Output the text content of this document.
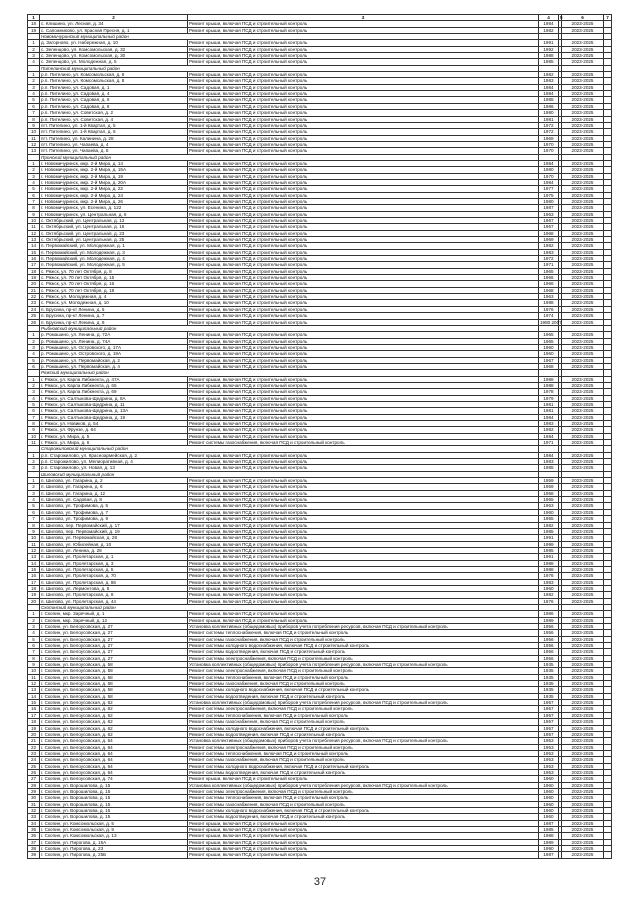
1	2	3	4	5	6	7
18	с. Клишино, ул. Лесная, д. 34	Ремонт крыши, включая ПСД и строительный контроль	1984		2023-2025	
19	с. Сапожниково, ул. Красная Пресня, д. 1	Ремонт крыши, включая ПСД и строительный контроль	1982		2023-2025	
	Новомичуринский муниципальный район					
1	д. Загорново, ул. Набережная, д. 10	Ремонт крыши, включая ПСД и строительный контроль	1991		2023-2025	
2	с. Зеленцово, ул. Комсомольская, д. 32	Ремонт крыши, включая ПСД и строительный контроль	1992		2023-2025	
3	с. Зеленцово, ул. Комсомольская, д. 30	Ремонт крыши, включая ПСД и строительный контроль	1988		2023-2025	
4	с. Зеленцово, ул. Молодежная, д. 5	Ремонт крыши, включая ПСД и строительный контроль	1985		2023-2025	
	Пителинский муниципальный район					
1	р.п. Пителино, ул. Комсомольская, д. 6	Ремонт крыши, включая ПСД и строительный контроль	1982		2023-2025	
2	р.п. Пителино, ул. Комсомольская, д. 8	Ремонт крыши, включая ПСД и строительный контроль	1983		2023-2025	
3	р.п. Пителино, ул. Садовая, д. 1	Ремонт крыши, включая ПСД и строительный контроль	1984		2023-2025	
4	р.п. Пителино, ул. Садовая, д. 4	Ремонт крыши, включая ПСД и строительный контроль	1984		2023-2025	
5	р.п. Пителино, ул. Садовая, д. 6	Ремонт крыши, включая ПСД и строительный контроль	1985		2023-2025	
6	р.п. Пителино, ул. Садовая, д. 8	Ремонт крыши, включая ПСД и строительный контроль	1986		2023-2025	
7	р.п. Пителино, ул. Советская, д. 2	Ремонт крыши, включая ПСД и строительный контроль	1980		2023-2025	
8	р.п. Пителино, ул. Советская, д. 4	Ремонт крыши, включая ПСД и строительный контроль	1981		2023-2025	
9	пгт. Пителино, ул. 1-й Квартал, д. 5	Ремонт крыши, включая ПСД и строительный контроль	1972		2023-2025	
10	пгт. Пителино, ул. 1-й Квартал, д. 6	Ремонт крыши, включая ПСД и строительный контроль	1972		2023-2025	
11	пгт. Пителино, ул. Калинина, д. 28	Ремонт крыши, включая ПСД и строительный контроль	1969		2023-2025	
12	пгт. Пителино, ул. Чапаева, д. 4	Ремонт крыши, включая ПСД и строительный контроль	1970		2023-2025	
13	пгт. Пителино, ул. Чапаева, д. 6	Ремонт крыши, включая ПСД и строительный контроль	1970		2023-2025	
	Пронский муниципальный район					
1	г. Новомичуринск, мкр. 2-й Мира, д. 14	Ремонт крыши, включая ПСД и строительный контроль	1984		2023-2025	
2	г. Новомичуринск, мкр. 2-й Мира, д. 15А	Ремонт крыши, включая ПСД и строительный контроль	1980		2023-2025	
3	г. Новомичуринск, мкр. 2-й Мира, д. 19	Ремонт крыши, включая ПСД и строительный контроль	1970		2023-2025	
4	г. Новомичуринск, мкр. 2-й Мира, д. 20А	Ремонт крыши, включая ПСД и строительный контроль	1984		2023-2025	
5	г. Новомичуринск, мкр. 2-й Мира, д. 22	Ремонт крыши, включая ПСД и строительный контроль	1977		2023-2025	
6	г. Новомичуринск, мкр. 2-й Мира, д. 24	Ремонт крыши, включая ПСД и строительный контроль	1975		2023-2025	
7	г. Новомичуринск, мкр. 2-й Мира, д. 26	Ремонт крыши, включая ПСД и строительный контроль	1980		2023-2025	
8	г. Новомичуринск, ул. Есенина, д. 122	Ремонт крыши, включая ПСД и строительный контроль	1987		2023-2025	
9	г. Новомичуринск, ул. Центральная, д. 6	Ремонт крыши, включая ПСД и строительный контроль	1963		2023-2025	
10	с. Октябрьский, ул. Центральная, д. 13	Ремонт крыши, включая ПСД и строительный контроль	1967		2023-2025	
11	с. Октябрьский, ул. Центральная, д. 15	Ремонт крыши, включая ПСД и строительный контроль	1967		2023-2025	
12	с. Октябрьский, ул. Центральная, д. 23	Ремонт крыши, включая ПСД и строительный контроль	1968		2023-2025	
13	с. Октябрьский, ул. Центральная, д. 25	Ремонт крыши, включая ПСД и строительный контроль	1969		2023-2025	
14	п. Первомайский, ул. Молодежная, д. 1	Ремонт крыши, включая ПСД и строительный контроль	1982		2023-2025	
15	п. Первомайский, ул. Молодежная, д. 3	Ремонт крыши, включая ПСД и строительный контроль	1983		2023-2025	
16	п. Первомайский, ул. Молодежная, д. 4	Ремонт крыши, включая ПСД и строительный контроль	1972		2023-2025	
17	п. Первомайский, ул. Молодежная, д. 5	Ремонт крыши, включая ПСД и строительный контроль	1971		2023-2025	
18	с. Ряжск, ул. 70 лет Октября, д. 8	Ремонт крыши, включая ПСД и строительный контроль	1965		2023-2025	
19	с. Ряжск, ул. 70 лет Октября, д. 15	Ремонт крыши, включая ПСД и строительный контроль	1966		2023-2025	
20	с. Ряжск, ул. 70 лет Октября, д. 16	Ремонт крыши, включая ПСД и строительный контроль	1966		2023-2025	
21	с. Ряжск, ул. 70 лет Октября, д. 18	Ремонт крыши, включая ПСД и строительный контроль	1968		2023-2025	
22	с. Ряжск, ул. Молодежная, д. 4	Ремонт крыши, включая ПСД и строительный контроль	1963		2023-2025	
23	с. Ряжск, ул. Молодежная, д. 10	Ремонт крыши, включая ПСД и строительный контроль	1988		2023-2025	
24	п. Брусина, пр-кт Ленина, д. 5	Ремонт крыши, включая ПСД и строительный контроль	1976		2023-2025	
25	п. Брусина, пр-кт Ленина, д. 7	Ремонт крыши, включая ПСД и строительный контроль	1974		2023-2025	
26	п. Брусина, пр-кт Ленина, д. 9	Ремонт крыши, включая ПСД и строительный контроль	1980 2007		2023-2025	
	Рыбновский муниципальный район					
1	р. Ромашино, ул. Ленина, д. 72А	Ремонт крыши, включая ПСД и строительный контроль	1965		2023-2025	
2	р. Ромашино, ул. Ленина, д. 74А	Ремонт крыши, включая ПСД и строительный контроль	1965		2023-2025	
3	р. Ромашино, ул. Островского, д. 17А	Ремонт крыши, включая ПСД и строительный контроль	1960		2023-2025	
4	р. Ромашино, ул. Островского, д. 19А	Ремонт крыши, включая ПСД и строительный контроль	1960		2023-2025	
5	р. Ромашино, ул. Первомайская, д. 2	Ремонт крыши, включая ПСД и строительный контроль	1967		2023-2025	
6	р. Ромашино, ул. Первомайская, д. 4	Ремонт крыши, включая ПСД и строительный контроль	1968		2023-2025	
	Ряжский муниципальный район					
1	г. Ряжск, ул. Карла Либкнехта, д. 47А	Ремонт крыши, включая ПСД и строительный контроль	1988		2023-2025	
2	г. Ряжск, ул. Карла Либкнехта, д. 65	Ремонт крыши, включая ПСД и строительный контроль	1988		2023-2025	
3	г. Ряжск, ул. Карла Либкнехта, д. 69	Ремонт крыши, включая ПСД и строительный контроль	1978		2023-2025	
4	г. Ряжск, ул. Салтыкова-Щедрина, д. 8А	Ремонт крыши, включая ПСД и строительный контроль	1979		2023-2025	
5	г. Ряжск, ул. Салтыкова-Щедрина, д. 11	Ремонт крыши, включая ПСД и строительный контроль	1981		2023-2025	
6	г. Ряжск, ул. Салтыкова-Щедрина, д. 13А	Ремонт крыши, включая ПСД и строительный контроль	1981		2023-2025	
7	г. Ряжск, ул. Салтыкова-Щедрина, д. 19	Ремонт крыши, включая ПСД и строительный контроль	1984		2023-2025	
8	г. Ряжск, ул. Новиков, д. 54	Ремонт крыши, включая ПСД и строительный контроль	1983		2023-2025	
9	г. Ряжск, ул. Фрунзе, д. 64	Ремонт крыши, включая ПСД и строительный контроль	1982		2023-2025	
10	г. Ряжск, ул. Мира, д. 5	Ремонт крыши, включая ПСД и строительный контроль	1984		2023-2025	
11	г. Ряжск, ул. Мира, д. 6	Ремонт системы газоснабжения, включая ПСД и строительный контроль	1971		2023-2025	
	Старожиловский муниципальный район					
1	р.п. Старожилово, ул. Красноармейская, д. 2	Ремонт крыши, включая ПСД и строительный контроль	1984		2023-2025	
2	р.п. Старожилово, ул. Мелиоративная, д. 4	Ремонт крыши, включая ПСД и строительный контроль	1983		2023-2025	
3	р.п. Старожилово, ул. Новая, д. 13	Ремонт крыши, включая ПСД и строительный контроль	1985		2023-2025	
	Шиловский муниципальный район					
1	п. Шилово, ул. Гагарина, д. 2	Ремонт крыши, включая ПСД и строительный контроль	1959		2023-2025	
2	п. Шилово, ул. Гагарина, д. 6	Ремонт крыши, включая ПСД и строительный контроль	1959		2023-2025	
3	п. Шилово, ул. Гагарина, д. 12	Ремонт крыши, включая ПСД и строительный контроль	1958		2023-2025	
4	п. Шилово, ул. Садовая, д. 8	Ремонт крыши, включая ПСД и строительный контроль	1965		2023-2025	
5	п. Шилово, ул. Трофимова, д. 5	Ремонт крыши, включая ПСД и строительный контроль	1963		2023-2025	
6	п. Шилово, ул. Трофимова, д. 7	Ремонт крыши, включая ПСД и строительный контроль	1960		2023-2025	
7	п. Шилово, ул. Трофимова, д. 9	Ремонт крыши, включая ПСД и строительный контроль	1955		2023-2025	
8	п. Шилово, пер. Первомайский, д. 17	Ремонт крыши, включая ПСД и строительный контроль	1982		2023-2025	
9	п. Шилово, пер. Первомайский, д. 19	Ремонт крыши, включая ПСД и строительный контроль	1985		2023-2025	
10	п. Шилово, ул. Первомайская, д. 28	Ремонт крыши, включая ПСД и строительный контроль	1991		2023-2025	
11	п. Шилово, ул. Юбилейная, д. 10	Ремонт крыши, включая ПСД и строительный контроль	1999		2023-2025	
12	п. Шилово, ул. Ленина, д. 28	Ремонт крыши, включая ПСД и строительный контроль	1995		2023-2025	
13	п. Шилово, ул. Пролетарская, д. 1	Ремонт крыши, включая ПСД и строительный контроль	1991		2023-2025	
14	п. Шилово, ул. Пролетарская, д. 3	Ремонт крыши, включая ПСД и строительный контроль	1988		2023-2025	
15	п. Шилово, ул. Пролетарская, д. 5	Ремонт крыши, включая ПСД и строительный контроль	1988		2023-2025	
16	п. Шилово, ул. Пролетарская, д. 70	Ремонт крыши, включая ПСД и строительный контроль	1976		2023-2025	
17	п. Шилово, ул. Пролетарская, д. 86	Ремонт крыши, включая ПСД и строительный контроль	1983		2023-2025	
18	п. Шилово, ул. Лермонтова, д. 5	Ремонт крыши, включая ПСД и строительный контроль	1960		2023-2025	
19	п. Шилово, ул. Пролетарская, д. 8	Ремонт крыши, включая ПСД и строительный контроль	1982		2023-2025	
20	п. Шилово, ул. Пролетарская, д. 44	Ремонт крыши, включая ПСД и строительный контроль	1976		2023-2025	
	Скопинский муниципальный район					
1	г. Скопин, мкр. Заречный, д. 1	Ремонт крыши, включая ПСД и строительный контроль	1986		2023-2025	
2	г. Скопин, мкр. Заречный, д. 12	Ремонт крыши, включая ПСД и строительный контроль	1989		2023-2025	
3	г. Скопин, ул. Белоусовская, д. 27	Установка коллективных (общедомовых) приборов учета потребления ресурсов, включая ПСД и строительный контроль	1956		2023-2025	
4	г. Скопин, ул. Белоусовская, д. 27	Ремонт системы теплоснабжения, включая ПСД и строительный контроль	1956		2023-2025	
5	г. Скопин, ул. Белоусовская, д. 27	Ремонт системы газоснабжения, включая ПСД и строительный контроль	1956		2023-2025	
6	г. Скопин, ул. Белоусовская, д. 27	Ремонт системы холодного водоснабжения, включая ПСД и строительный контроль	1956		2023-2025	
7	г. Скопин, ул. Белоусовская, д. 27	Ремонт системы водоотведения, включая ПСД и строительный контроль	1956		2023-2025	
8	г. Скопин, ул. Белоусовская, д. 27	Ремонт системы электроснабжения, включая ПСД и строительный контроль	1956		2023-2025	
9	г. Скопин, ул. Белоусовская, д. 58	Установка коллективных (общедомовых) приборов учета потребления ресурсов, включая ПСД и строительный контроль	1935		2023-2025	
10	г. Скопин, ул. Белоусовская, д. 58	Ремонт системы электроснабжения, включая ПСД и строительный контроль	1935		2023-2025	
11	г. Скопин, ул. Белоусовская, д. 58	Ремонт системы теплоснабжения, включая ПСД и строительный контроль	1935		2023-2025	
12	г. Скопин, ул. Белоусовская, д. 58	Ремонт системы газоснабжения, включая ПСД и строительный контроль	1935		2023-2025	
13	г. Скопин, ул. Белоусовская, д. 58	Ремонт системы холодного водоснабжения, включая ПСД и строительный контроль	1935		2023-2025	
14	г. Скопин, ул. Белоусовская, д. 58	Ремонт системы водоотведения, включая ПСД и строительный контроль	1935		2023-2025	
15	г. Скопин, ул. Белоусовская, д. 62	Установка коллективных (общедомовых) приборов учета потребления ресурсов, включая ПСД и строительный контроль	1957		2023-2025	
16	г. Скопин, ул. Белоусовская, д. 62	Ремонт системы электроснабжения, включая ПСД и строительный контроль	1957		2023-2025	
17	г. Скопин, ул. Белоусовская, д. 62	Ремонт системы теплоснабжения, включая ПСД и строительный контроль	1957		2023-2025	
18	г. Скопин, ул. Белоусовская, д. 62	Ремонт системы газоснабжения, включая ПСД и строительный контроль	1957		2023-2025	
19	г. Скопин, ул. Белоусовская, д. 62	Ремонт системы холодного водоснабжения, включая ПСД и строительный контроль	1957		2023-2025	
20	г. Скопин, ул. Белоусовская, д. 62	Ремонт системы водоотведения, включая ПСД и строительный контроль	1957		2023-2025	
21	г. Скопин, ул. Белоусовская, д. 64	Установка коллективных (общедомовых) приборов учета потребления ресурсов, включая ПСД и строительный контроль	1953		2023-2025	
22	г. Скопин, ул. Белоусовская, д. 64	Ремонт системы электроснабжения, включая ПСД и строительный контроль	1953		2023-2025	
23	г. Скопин, ул. Белоусовская, д. 64	Ремонт системы теплоснабжения, включая ПСД и строительный контроль	1953		2023-2025	
24	г. Скопин, ул. Белоусовская, д. 64	Ремонт системы газоснабжения, включая ПСД и строительный контроль	1953		2023-2025	
25	г. Скопин, ул. Белоусовская, д. 64	Ремонт системы холодного водоснабжения, включая ПСД и строительный контроль	1953		2023-2025	
26	г. Скопин, ул. Белоусовская, д. 64	Ремонт системы водоотведения, включая ПСД и строительный контроль	1953		2023-2025	
27	г. Скопин, ул. Белоусовская, д. 74	Ремонт крыши, включая ПСД и строительный контроль	1960		2023-2025	
28	г. Скопин, ул. Ворошилова, д. 15	Установка коллективных (общедомовых) приборов учета потребления ресурсов, включая ПСД и строительный контроль	1960		2023-2025	
29	г. Скопин, ул. Ворошилова, д. 15	Ремонт системы электроснабжения, включая ПСД и строительный контроль	1960		2023-2025	
30	г. Скопин, ул. Ворошилова, д. 15	Ремонт системы теплоснабжения, включая ПСД и строительный контроль	1960		2023-2025	
31	г. Скопин, ул. Ворошилова, д. 15	Ремонт системы газоснабжения, включая ПСД и строительный контроль	1960		2023-2025	
32	г. Скопин, ул. Ворошилова, д. 15	Ремонт системы холодного водоснабжения, включая ПСД и строительный контроль	1960		2023-2025	
33	г. Скопин, ул. Ворошилова, д. 15	Ремонт системы водоотведения, включая ПСД и строительный контроль	1960		2023-2025	
34	г. Скопин, ул. Комсомольская, д. 5	Ремонт крыши, включая ПСД и строительный контроль	1987		2023-2025	
35	г. Скопин, ул. Комсомольская, д. 9	Ремонт крыши, включая ПСД и строительный контроль	1985		2023-2025	
36	г. Скопин, ул. Комсомольская, д. 13	Ремонт крыши, включая ПСД и строительный контроль	1988		2023-2025	
37	г. Скопин, ул. Пирогова, д. 15А	Ремонт крыши, включая ПСД и строительный контроль	1989		2023-2025	
38	г. Скопин, ул. Пирогова, д. 23	Ремонт крыши, включая ПСД и строительный контроль	1990		2023-2025	
39	г. Скопин, ул. Пирогова, д. 25Б	Ремонт крыши, включая ПСД и строительный контроль	1987		2023-2025	
37
